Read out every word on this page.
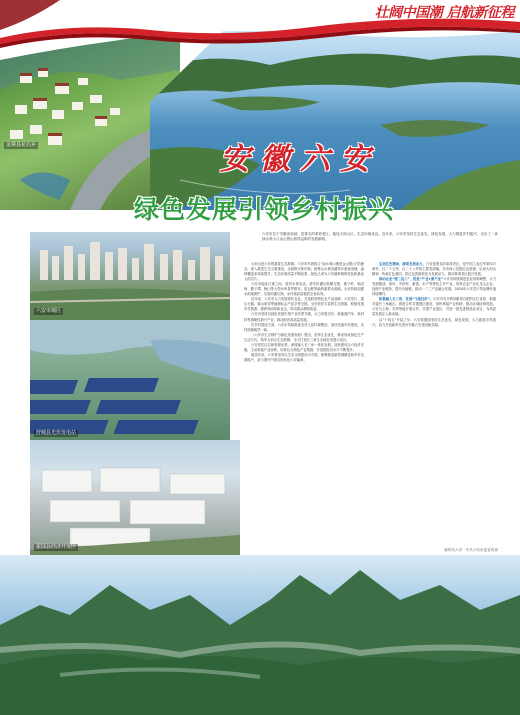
金寨县花石乡
壮阔中国潮 启航新征程
安徽六安
绿色发展引领乡村振兴

六安市位于安徽省西部，是著名的革命老区，地处大别山区，生态环境优良。近年来，六安市坚持生态优先、绿色发展，大力推进乡村振兴，走出了一条绿水青山与金山银山相得益彰的发展新路。

六安市城区
舒城县光伏发电站
霍邱县经济开发区

大别山是六安的重要生态屏障。六安市牢固树立“绿水青山就是金山银山”的理念，深入推进生态文明建设，全面推行林长制，统筹山水林田湖草沙系统治理，森林覆盖率持续提升，生态环境质量不断改善，绿色已成为六安最鲜明的底色和最动人的名片。

六安市地处江淮之间，境内水系发达，淠史杭灌区纵横交错，佛子岭、响洪甸、磨子潭、梅山等大型水库星罗棋布，是合肥等地的重要水源地。全市持续加强水源地保护，实施河湖长制，水环境质量稳居全省前列。

近年来，六安市大力发展现代农业，打造皖西特色农产品品牌，六安瓜片、霍山石斛、霍山黄芽等地理标志产品享誉全国。全市依托丰富的生态资源，积极发展乡村旅游、康养休闲等新业态，带动群众增收致富。

六安市坚持以绿色发展引领产业转型升级，大力发展光伏、新能源汽车、新材料等战略性新兴产业，推动经济高质量发展。

在乡村建设方面，六安市持续推进农村人居环境整治，加快美丽乡村建设，农村面貌焕然一新。

《六安市生态保护与绿色发展规划》提出，坚持生态优先，推动形成绿色生产生活方式，筑牢大别山生态屏障，全力打造长三角生态绿色发展示范区。

六安依托区位和资源优势，深度融入长三角一体化发展，加快建设合六经济走廊，主动承接产业转移，培育壮大特色产业集群，开放型经济水平不断提升。

展望未来，六安将坚持以生态文明建设为引领，统筹推进新型城镇化和乡村全面振兴，奋力谱写中国式现代化六安篇章。

弘扬红色精神，赓续发展动力。六安是著名的革命老区，是中国工农红军第四方面军、红二十五军、红二十八军的主要发源地。全市深入挖掘红色资源，弘扬大别山精神，传承红色基因，将红色资源转化为发展动力，推动革命老区振兴发展。

推动农业“接二连三”，促进“产业+新产业”六安市持续推进农业结构调整，大力发展粮油、茶叶、中药材、畜禽、水产等特色主导产业，培育农业产业化龙头企业，延伸产业链条，提升价值链，推动一二三产业融合发展，2020年六安瓜片等品牌价值持续攀升。

积极融入长三角，发展“飞地经济”。六安市充分利用毗邻合肥的区位优势，积极对接长三角地区，推进合作共建园区建设，加快承接产业转移，推动区域协调发展。六安与上海、苏州等地开展合作，共建产业园区，引进一批先进制造业项目，为高质量发展注入新动能。

以“十四五”开局之年，六安将继续坚持生态优先、绿色发展，大力推进乡村振兴，奋力开创新时代美好安徽六安建设新局面。

新时代六安 · 中共六安市委宣传部
